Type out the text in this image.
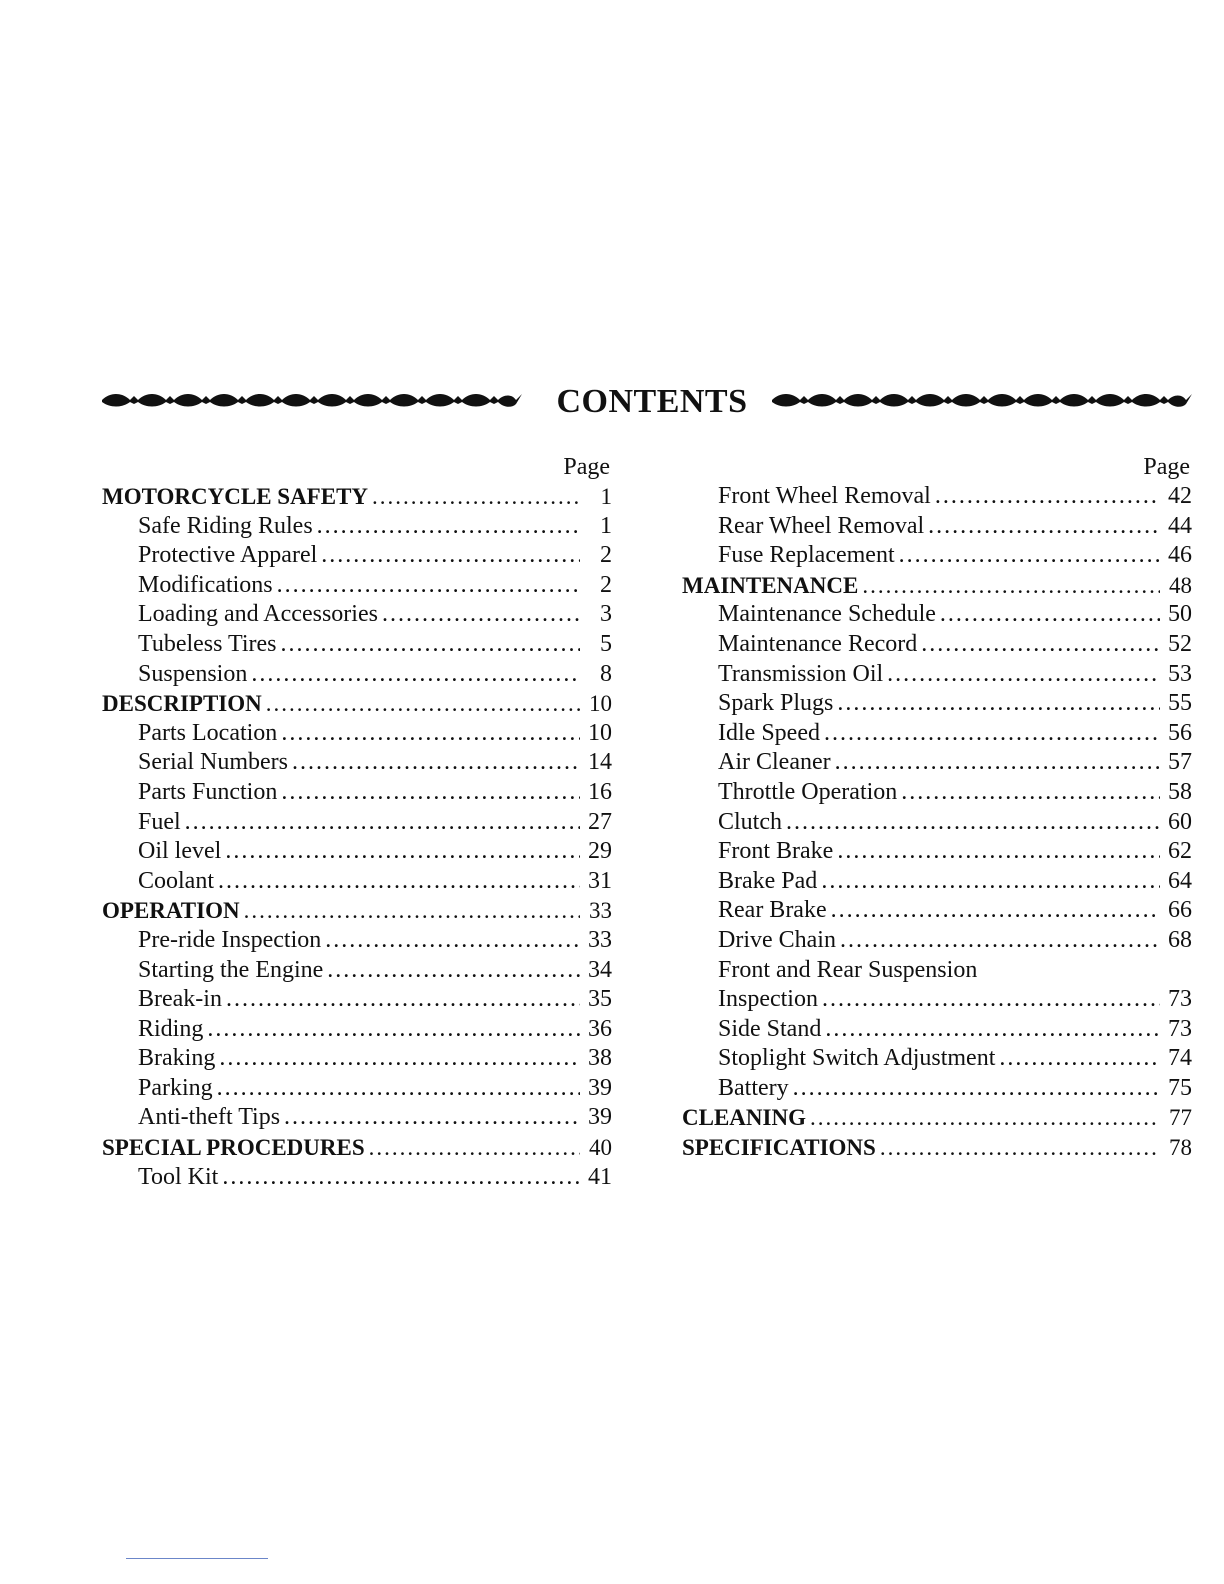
CONTENTS
Page
MOTORCYCLE SAFETY .....	1
Safe Riding Rules .....	1
Protective Apparel .....	2
Modifications .....	2
Loading and Accessories .....	3
Tubeless Tires .....	5
Suspension .....	8
DESCRIPTION .....	10
Parts Location .....	10
Serial Numbers .....	14
Parts Function .....	16
Fuel .....	27
Oil level .....	29
Coolant .....	31
OPERATION .....	33
Pre-ride Inspection .....	33
Starting the Engine .....	34
Break-in .....	35
Riding .....	36
Braking .....	38
Parking .....	39
Anti-theft Tips .....	39
SPECIAL PROCEDURES .....	40
Tool Kit .....	41
Page
Front Wheel Removal .....	42
Rear Wheel Removal .....	44
Fuse Replacement .....	46
MAINTENANCE .....	48
Maintenance Schedule .....	50
Maintenance Record .....	52
Transmission Oil .....	53
Spark Plugs .....	55
Idle Speed .....	56
Air Cleaner .....	57
Throttle Operation .....	58
Clutch .....	60
Front Brake .....	62
Brake Pad .....	64
Rear Brake .....	66
Drive Chain .....	68
Front and Rear Suspension
Inspection .....	73
Side Stand .....	73
Stoplight Switch Adjustment .....	74
Battery .....	75
CLEANING .....	77
SPECIFICATIONS .....	78
